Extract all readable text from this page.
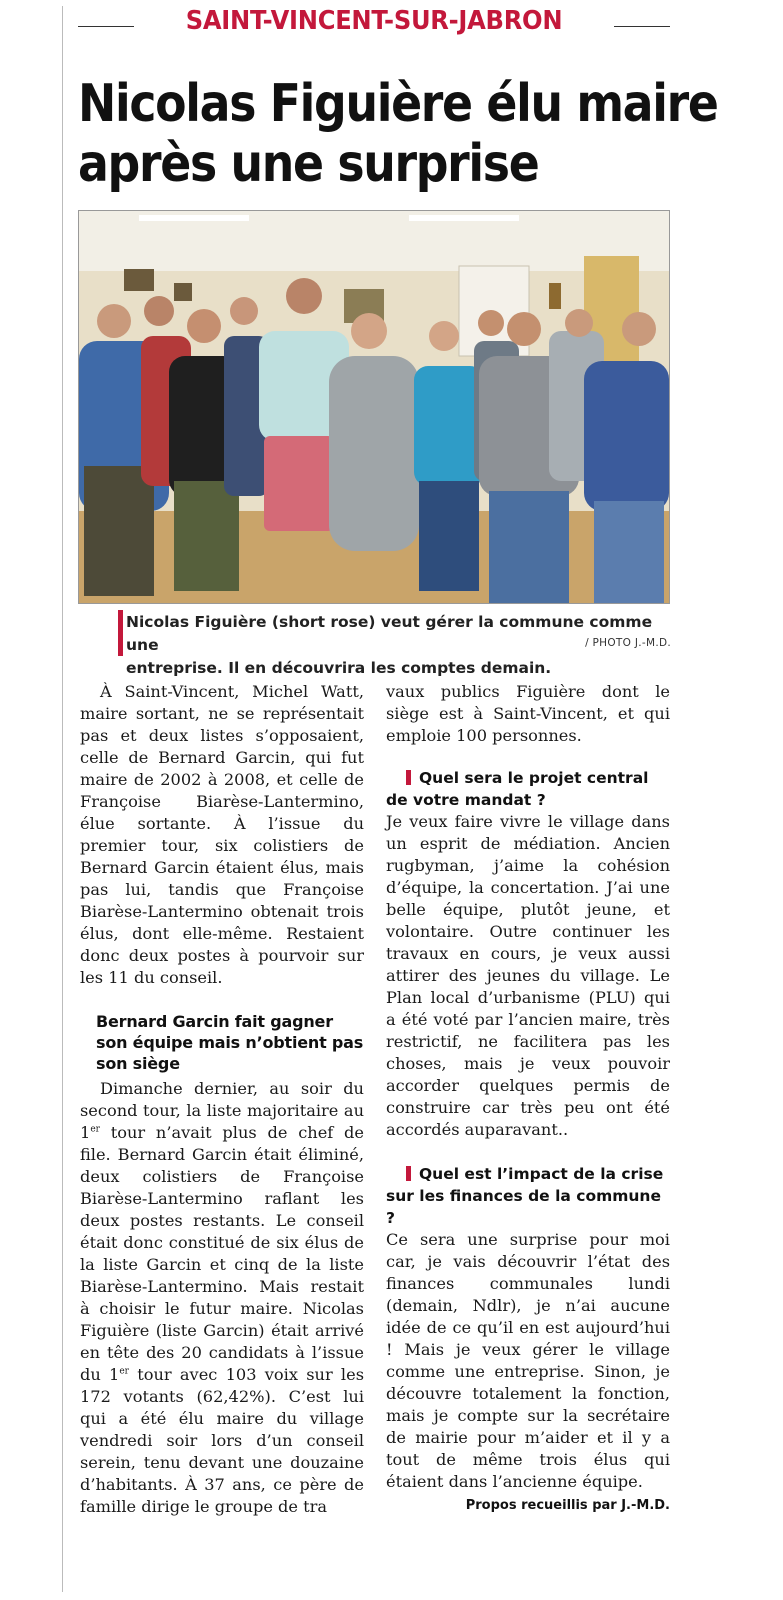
SAINT-VINCENT-SUR-JABRON
Nicolas Figuière élu maire
après une surprise
Nicolas Figuière (short rose) veut gérer la commune comme une
entreprise. Il en découvrira les comptes demain.
/ PHOTO J.-M.D.

À Saint-Vincent, Michel Watt, maire sortant, ne se représentait pas et deux listes s’opposaient, celle de Bernard Garcin, qui fut maire de 2002 à 2008, et celle de Françoise Biarèse-Lantermino, élue sortante. À l’issue du premier tour, six colistiers de Bernard Garcin étaient élus, mais pas lui, tandis que Françoise Biarèse-Lantermino obtenait trois élus, dont elle-même. Restaient donc deux postes à pourvoir sur les 11 du conseil.

Bernard Garcin fait gagner son équipe mais n’obtient pas son siège

Dimanche dernier, au soir du second tour, la liste majoritaire au 1er tour n’avait plus de chef de file. Bernard Garcin était éliminé, deux colistiers de Françoise Biarèse-Lantermino raflant les deux postes restants. Le conseil était donc constitué de six élus de la liste Garcin et cinq de la liste Biarèse-Lantermino. Mais restait à choisir le futur maire. Nicolas Figuière (liste Garcin) était arrivé en tête des 20 candidats à l’issue du 1er tour avec 103 voix sur les 172 votants (62,42%). C’est lui qui a été élu maire du village vendredi soir lors d’un conseil serein, tenu devant une douzaine d’habitants. À 37 ans, ce père de famille dirige le groupe de tra

vaux publics Figuière dont le siège est à Saint-Vincent, et qui emploie 100 personnes.

Quel sera le projet central de votre mandat ?

Je veux faire vivre le village dans un esprit de médiation. Ancien rugbyman, j’aime la cohésion d’équipe, la concertation. J’ai une belle équipe, plutôt jeune, et volontaire. Outre continuer les travaux en cours, je veux aussi attirer des jeunes du village. Le Plan local d’urbanisme (PLU) qui a été voté par l’ancien maire, très restrictif, ne facilitera pas les choses, mais je veux pouvoir accorder quelques permis de construire car très peu ont été accordés auparavant..

Quel est l’impact de la crise sur les finances de la commune ?

Ce sera une surprise pour moi car, je vais découvrir l’état des finances communales lundi (demain, Ndlr), je n’ai aucune idée de ce qu’il en est aujourd’hui ! Mais je veux gérer le village comme une entreprise. Sinon, je découvre totalement la fonction, mais je compte sur la secrétaire de mairie pour m’aider et il y a tout de même trois élus qui étaient dans l’ancienne équipe.

Propos recueillis par J.-M.D.
